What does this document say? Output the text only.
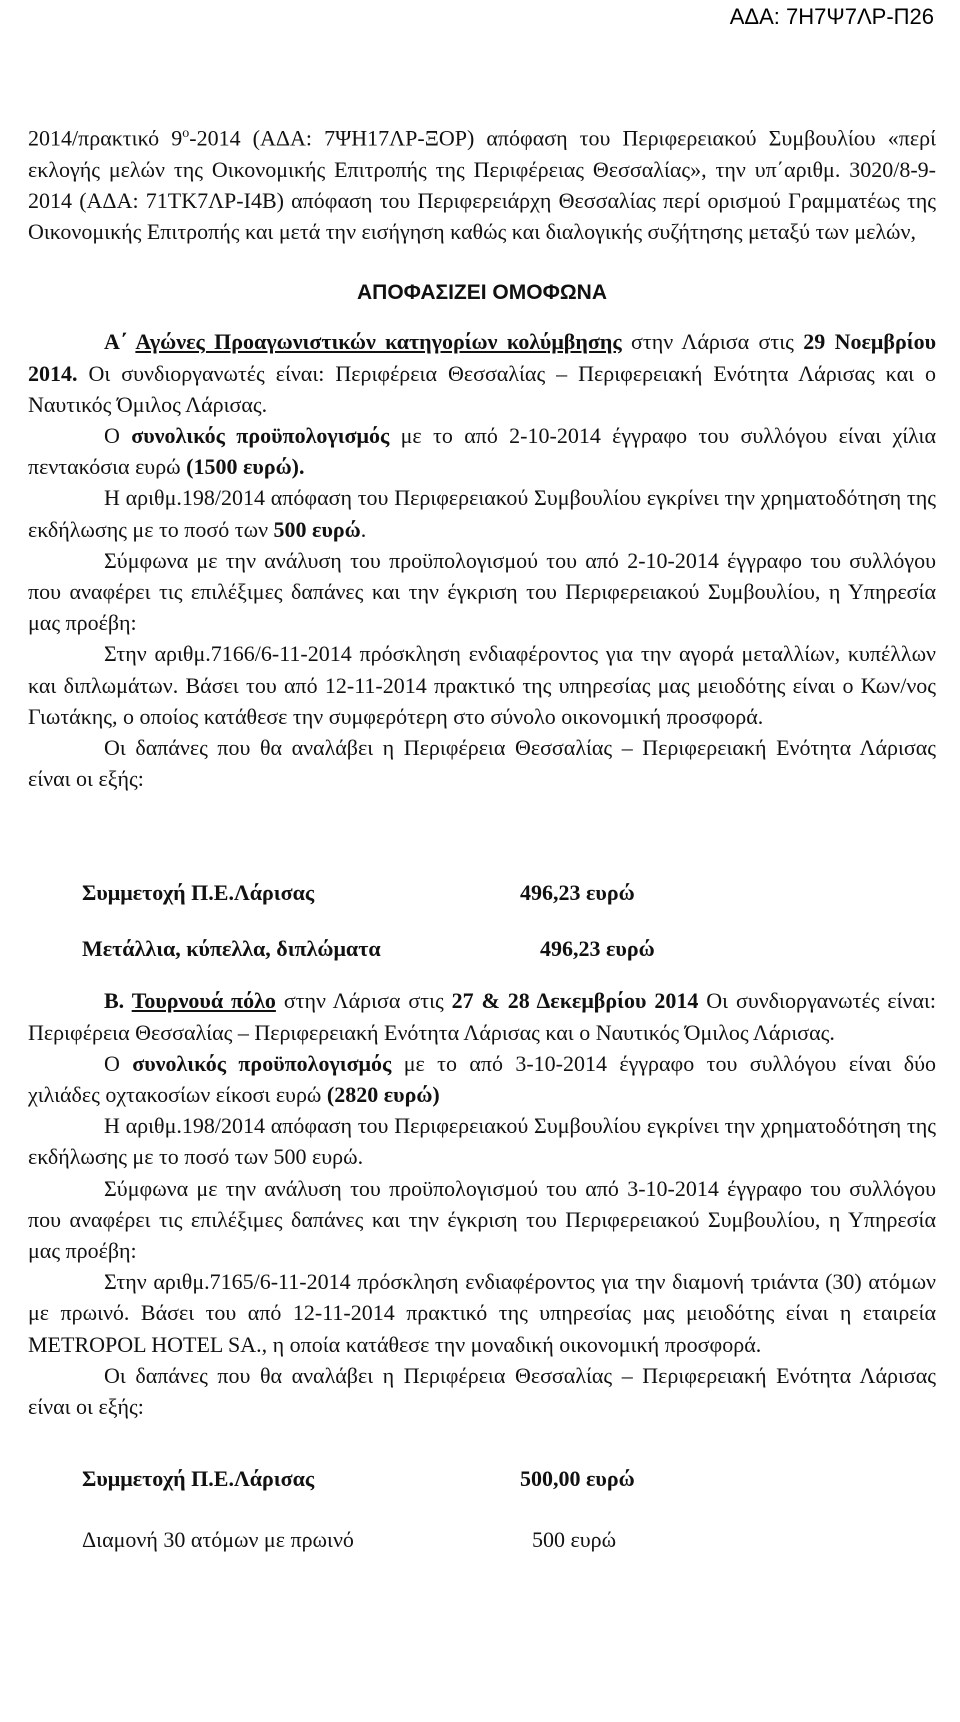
ΑΔΑ: 7Η7Ψ7ΛΡ-Π26

2014/πρακτικό $9^o-2014$ (ΑΔΑ: 7ΨΗ17ΛΡ-ΞΟΡ) απόφαση του Περιφερειακού Συμβουλίου «περί εκλογής μελών της Οικονομικής Επιτροπής της Περιφέρειας Θεσσαλίας», την υπ΄αριθμ. 3020/8-9-2014 (ΑΔΑ: 71ΤΚ7ΛΡ-Ι4Β) απόφαση του Περιφερειάρχη Θεσσαλίας περί ορισμού Γραμματέως της Οικονομικής Επιτροπής και μετά την εισήγηση καθώς και διαλογικής συζήτησης μεταξύ των μελών,

ΑΠΟΦΑΣΙΖΕΙ ΟΜΟΦΩΝΑ

Α΄ Αγώνες Προαγωνιστικών κατηγορίων κολύμβησης στην Λάρισα στις 29 Νοεμβρίου 2014. Οι συνδιοργανωτές είναι: Περιφέρεια Θεσσαλίας – Περιφερειακή Ενότητα Λάρισας και ο Ναυτικός Όμιλος Λάρισας.

Ο συνολικός προϋπολογισμός με το από 2-10-2014 έγγραφο του συλλόγου είναι χίλια πεντακόσια ευρώ (1500 ευρώ).

Η αριθμ.198/2014 απόφαση του Περιφερειακού Συμβουλίου εγκρίνει την χρηματοδότηση της εκδήλωσης με το ποσό των 500 ευρώ.

Σύμφωνα με την ανάλυση του προϋπολογισμού του από 2-10-2014 έγγραφο του συλλόγου που αναφέρει τις επιλέξιμες δαπάνες και την έγκριση του Περιφερειακού Συμβουλίου, η Υπηρεσία μας προέβη:

Στην αριθμ.7166/6-11-2014 πρόσκληση ενδιαφέροντος για την αγορά μεταλλίων, κυπέλλων και διπλωμάτων. Βάσει του από 12-11-2014 πρακτικό της υπηρεσίας μας μειοδότης είναι ο Κων/νος Γιωτάκης, ο οποίος κατάθεσε την συμφερότερη στο σύνολο οικονομική προσφορά.

Οι δαπάνες που θα αναλάβει η Περιφέρεια Θεσσαλίας – Περιφερειακή Ενότητα Λάρισας είναι οι εξής:

Συμμετοχή Π.Ε.Λάρισας	496,23 ευρώ
Μετάλλια, κύπελλα, διπλώματα	496,23 ευρώ

Β. Τουρνουά πόλο στην Λάρισα στις 27 & 28 Δεκεμβρίου 2014 Οι συνδιοργανωτές είναι: Περιφέρεια Θεσσαλίας – Περιφερειακή Ενότητα Λάρισας και ο Ναυτικός Όμιλος Λάρισας.

Ο συνολικός προϋπολογισμός με το από 3-10-2014 έγγραφο του συλλόγου είναι δύο χιλιάδες οχτακοσίων είκοσι ευρώ (2820 ευρώ)

Η αριθμ.198/2014 απόφαση του Περιφερειακού Συμβουλίου εγκρίνει την χρηματοδότηση της εκδήλωσης με το ποσό των 500 ευρώ.

Σύμφωνα με την ανάλυση του προϋπολογισμού του από 3-10-2014 έγγραφο του συλλόγου που αναφέρει τις επιλέξιμες δαπάνες και την έγκριση του Περιφερειακού Συμβουλίου, η Υπηρεσία μας προέβη:

Στην αριθμ.7165/6-11-2014 πρόσκληση ενδιαφέροντος για την διαμονή τριάντα (30) ατόμων με πρωινό. Βάσει του από 12-11-2014 πρακτικό της υπηρεσίας μας μειοδότης είναι η εταιρεία METROPOL HOTEL SA., η οποία κατάθεσε την μοναδική οικονομική προσφορά.

Οι δαπάνες που θα αναλάβει η Περιφέρεια Θεσσαλίας – Περιφερειακή Ενότητα Λάρισας είναι οι εξής:

Συμμετοχή Π.Ε.Λάρισας	500,00 ευρώ
Διαμονή 30 ατόμων με πρωινό	500 ευρώ
